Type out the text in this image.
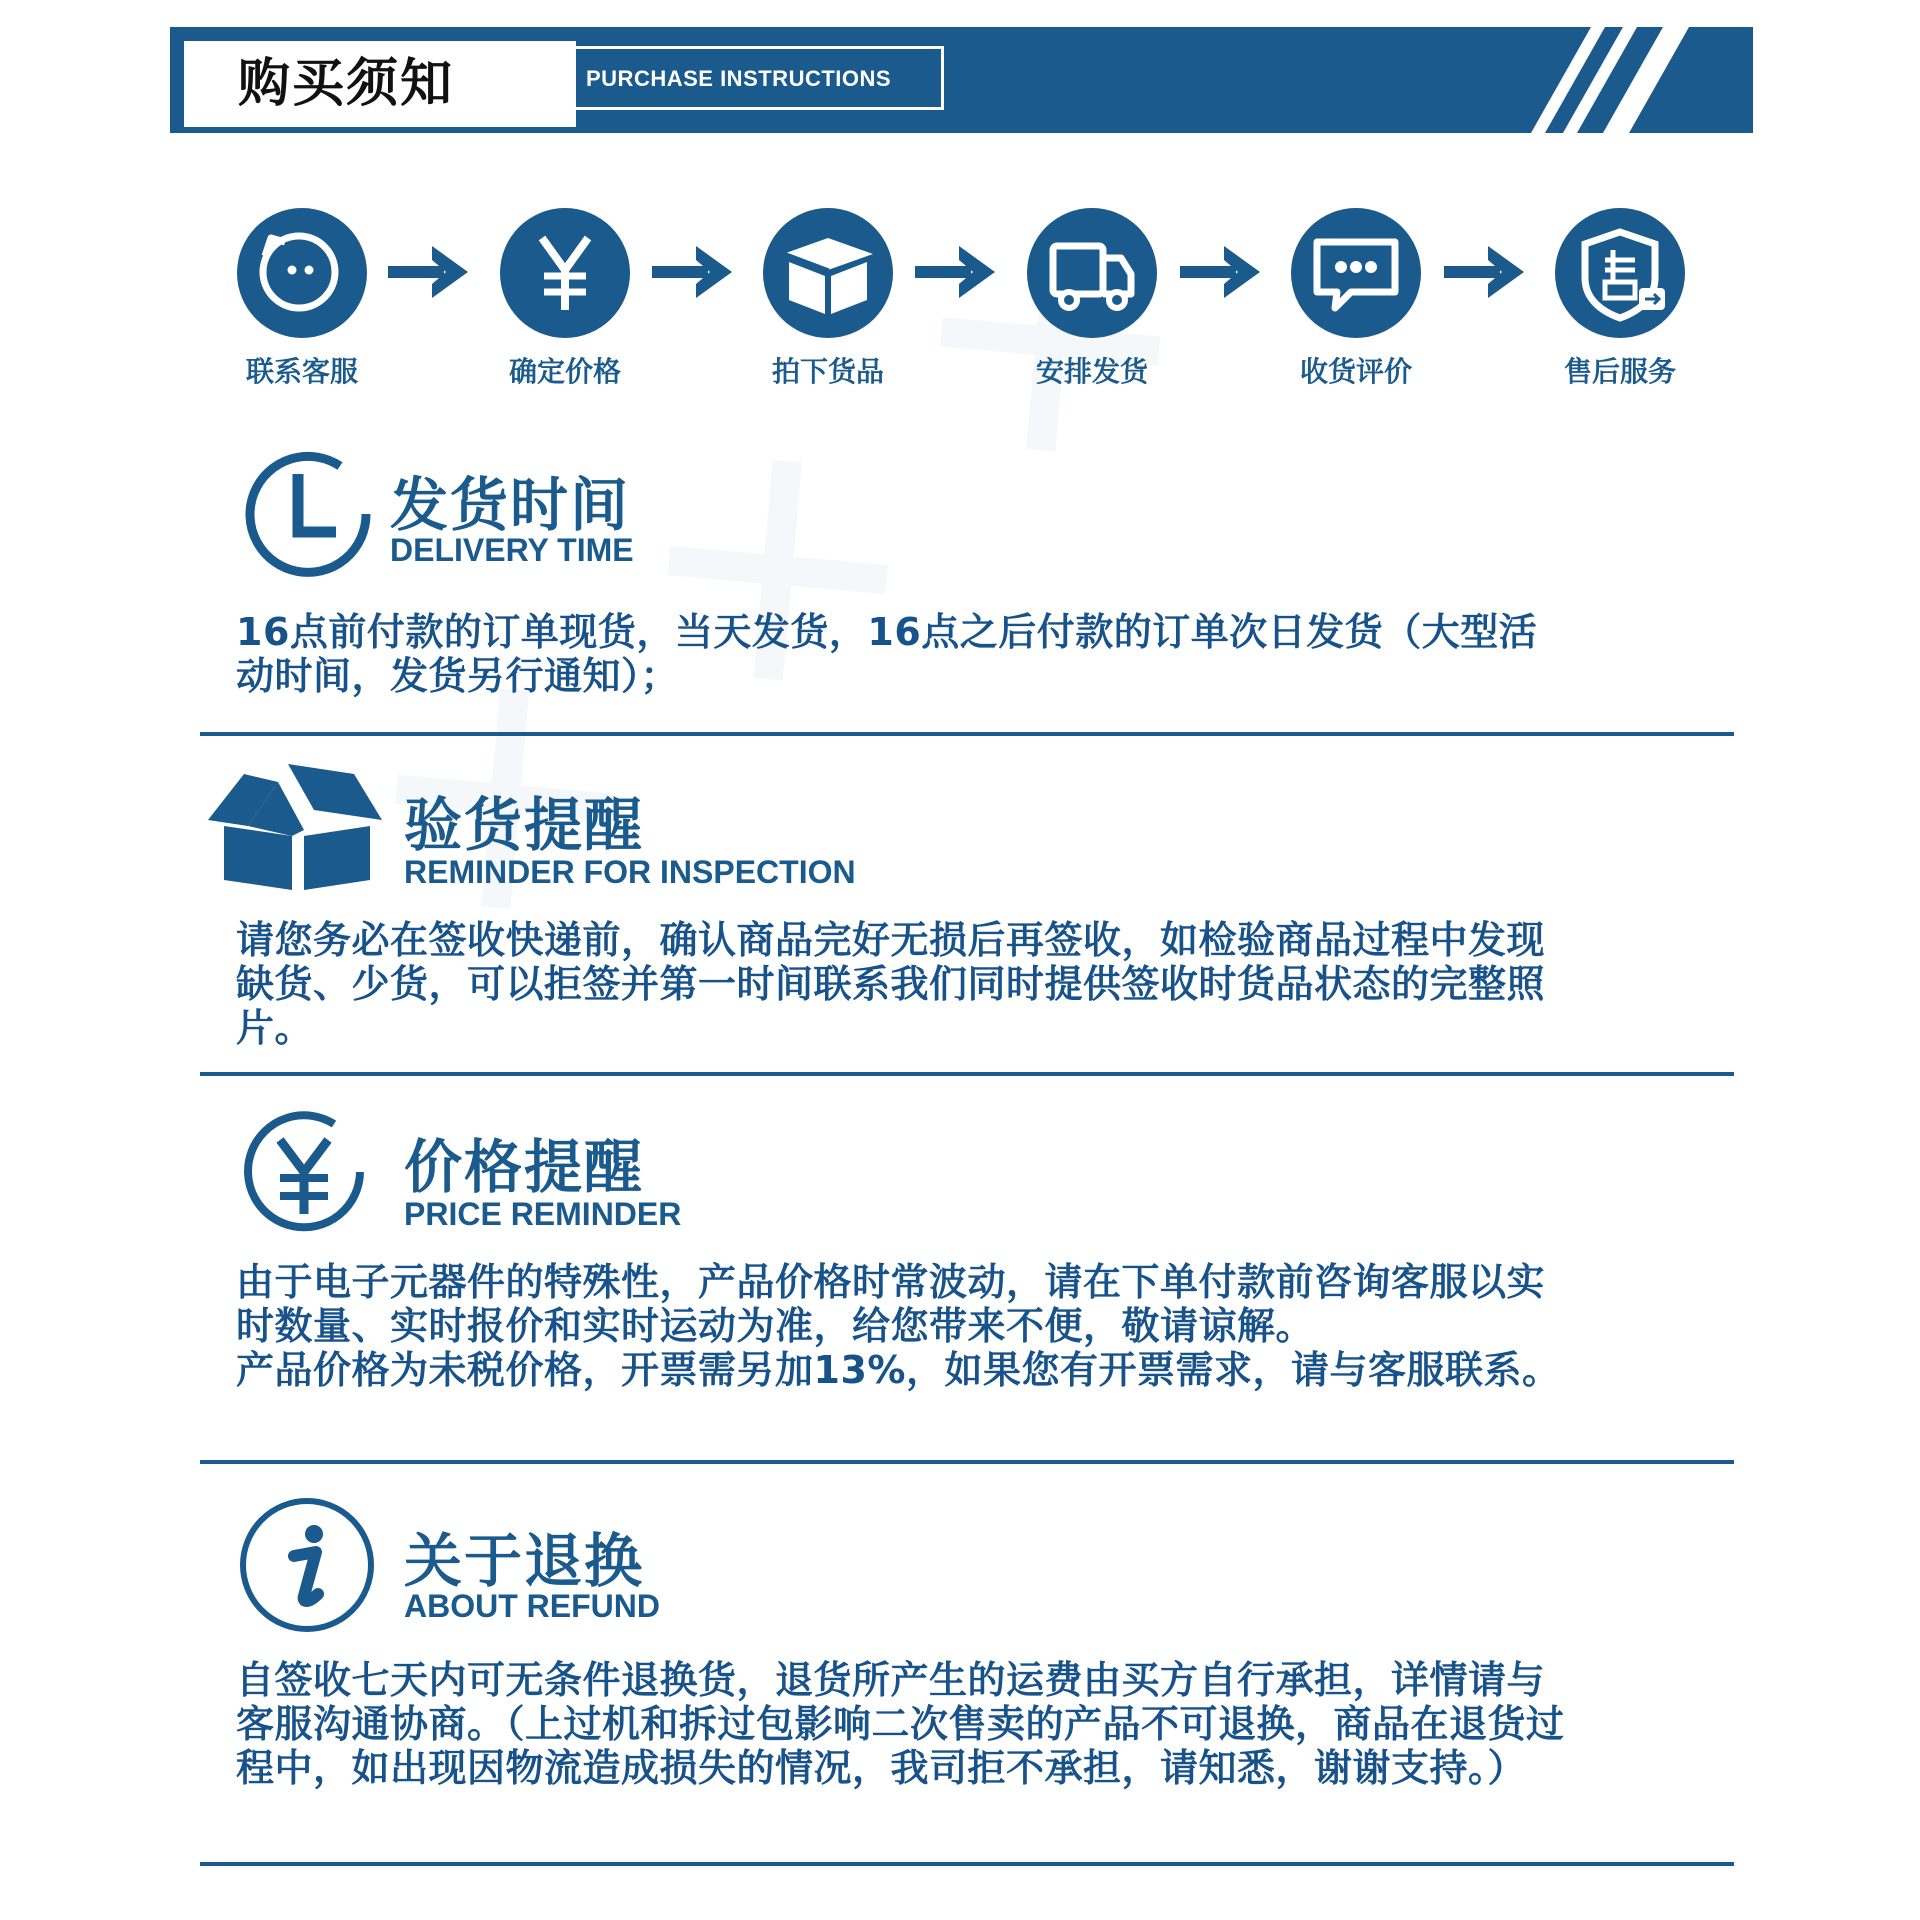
购买须知	PURCHASE INSTRUCTIONS
联系客服	确定价格	拍下货品	安排发货	收货评价	售后服务
发货时间
DELIVERY TIME
16点前付款的订单现货，当天发货，16点之后付款的订单次日发货（大型活动时间，发货另行通知）；
验货提醒
REMINDER FOR INSPECTION
请您务必在签收快递前，确认商品完好无损后再签收，如检验商品过程中发现缺货、少货，可以拒签并第一时间联系我们同时提供签收时货品状态的完整照片。
价格提醒
PRICE REMINDER
由于电子元器件的特殊性，产品价格时常波动，请在下单付款前咨询客服以实时数量、实时报价和实时运动为准，给您带来不便，敬请谅解。
产品价格为未税价格，开票需另加13%，如果您有开票需求，请与客服联系。
关于退换
ABOUT REFUND
自签收七天内可无条件退换货，退货所产生的运费由买方自行承担，详情请与客服沟通协商。（上过机和拆过包影响二次售卖的产品不可退换，商品在退货过程中，如出现因物流造成损失的情况，我司拒不承担，请知悉，谢谢支持。）
